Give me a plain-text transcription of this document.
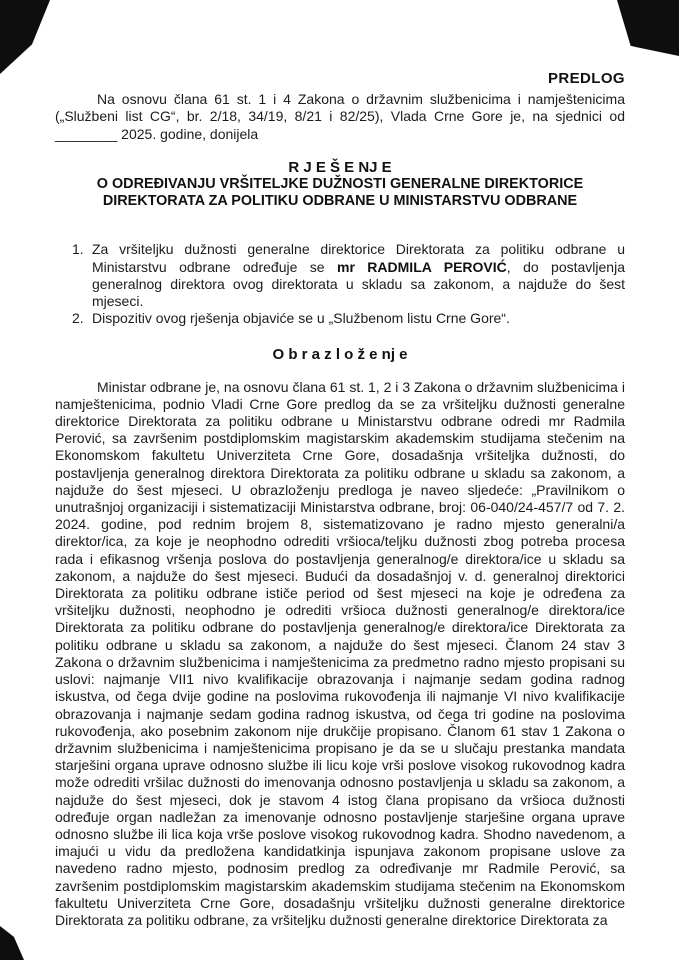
PREDLOG

Na osnovu člana 61 st. 1 i 4 Zakona o državnim službenicima i namještenicima („Službeni list CG“, br. 2/18, 34/19, 8/21 i 82/25), Vlada Crne Gore je, na sjednici od ________ 2025. godine, donijela

R J E Š E NJ E
O ODREĐIVANJU VRŠITELJKE DUŽNOSTI GENERALNE DIREKTORICE
DIREKTORATA ZA POLITIKU ODBRANE U MINISTARSTVU ODBRANE
1. Za vršiteljku dužnosti generalne direktorice Direktorata za politiku odbrane u Ministarstvu odbrane određuje se mr RADMILA PEROVIĆ, do postavljenja generalnog direktora ovog direktorata u skladu sa zakonom, a najduže do šest mjeseci.
2. Dispozitiv ovog rješenja objaviće se u „Službenom listu Crne Gore“.
O b r a z l o ž e nj e

Ministar odbrane je, na osnovu člana 61 st. 1, 2 i 3 Zakona o državnim službenicima i namještenicima, podnio Vladi Crne Gore predlog da se za vršiteljku dužnosti generalne direktorice Direktorata za politiku odbrane u Ministarstvu odbrane odredi mr Radmila Perović, sa završenim postdiplomskim magistarskim akademskim studijama stečenim na Ekonomskom fakultetu Univerziteta Crne Gore, dosadašnja vršiteljka dužnosti, do postavljenja generalnog direktora Direktorata za politiku odbrane u skladu sa zakonom, a najduže do šest mjeseci. U obrazloženju predloga je naveo sljedeće: „Pravilnikom o unutrašnjoj organizaciji i sistematizaciji Ministarstva odbrane, broj: 06-040/24-457/7 od 7. 2. 2024. godine, pod rednim brojem 8, sistematizovano je radno mjesto generalni/a direktor/ica, za koje je neophodno odrediti vršioca/teljku dužnosti zbog potreba procesa rada i efikasnog vršenja poslova do postavljenja generalnog/e direktora/ice u skladu sa zakonom, a najduže do šest mjeseci. Budući da dosadašnjoj v. d. generalnoj direktorici Direktorata za politiku odbrane ističe period od šest mjeseci na koje je određena za vršiteljku dužnosti, neophodno je odrediti vršioca dužnosti generalnog/e direktora/ice Direktorata za politiku odbrane do postavljenja generalnog/e direktora/ice Direktorata za politiku odbrane u skladu sa zakonom, a najduže do šest mjeseci. Članom 24 stav 3 Zakona o državnim službenicima i namještenicima za predmetno radno mjesto propisani su uslovi: najmanje VII1 nivo kvalifikacije obrazovanja i najmanje sedam godina radnog iskustva, od čega dvije godine na poslovima rukovođenja ili najmanje VI nivo kvalifikacije obrazovanja i najmanje sedam godina radnog iskustva, od čega tri godine na poslovima rukovođenja, ako posebnim zakonom nije drukčije propisano. Članom 61 stav 1 Zakona o državnim službenicima i namještenicima propisano je da se u slučaju prestanka mandata starješini organa uprave odnosno službe ili licu koje vrši poslove visokog rukovodnog kadra može odrediti vršilac dužnosti do imenovanja odnosno postavljenja u skladu sa zakonom, a najduže do šest mjeseci, dok je stavom 4 istog člana propisano da vršioca dužnosti određuje organ nadležan za imenovanje odnosno postavljenje starješine organa uprave odnosno službe ili lica koja vrše poslove visokog rukovodnog kadra. Shodno navedenom, a imajući u vidu da predložena kandidatkinja ispunjava zakonom propisane uslove za navedeno radno mjesto, podnosim predlog za određivanje mr Radmile Perović, sa završenim postdiplomskim magistarskim akademskim studijama stečenim na Ekonomskom fakultetu Univerziteta Crne Gore, dosadašnju vršiteljku dužnosti generalne direktorice Direktorata za politiku odbrane, za vršiteljku dužnosti generalne direktorice Direktorata za
